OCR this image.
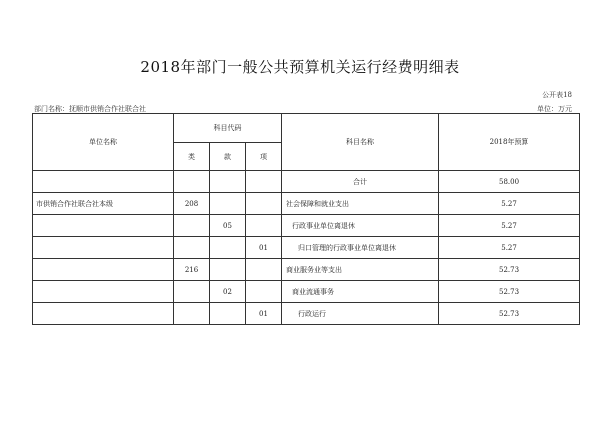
2018年部门一般公共预算机关运行经费明细表
公开表18
部门名称：抚顺市供销合作社联合社	单位：万元
单位名称	科目代码			科目名称	2018年预算
	类	款	项		
				合计	58.00
市供销合作社联合社本级	208			社会保障和就业支出	5.27
		05		行政事业单位离退休	5.27
			01	归口管理的行政事业单位离退休	5.27
	216			商业服务业等支出	52.73
		02		商业流通事务	52.73
			01	行政运行	52.73
